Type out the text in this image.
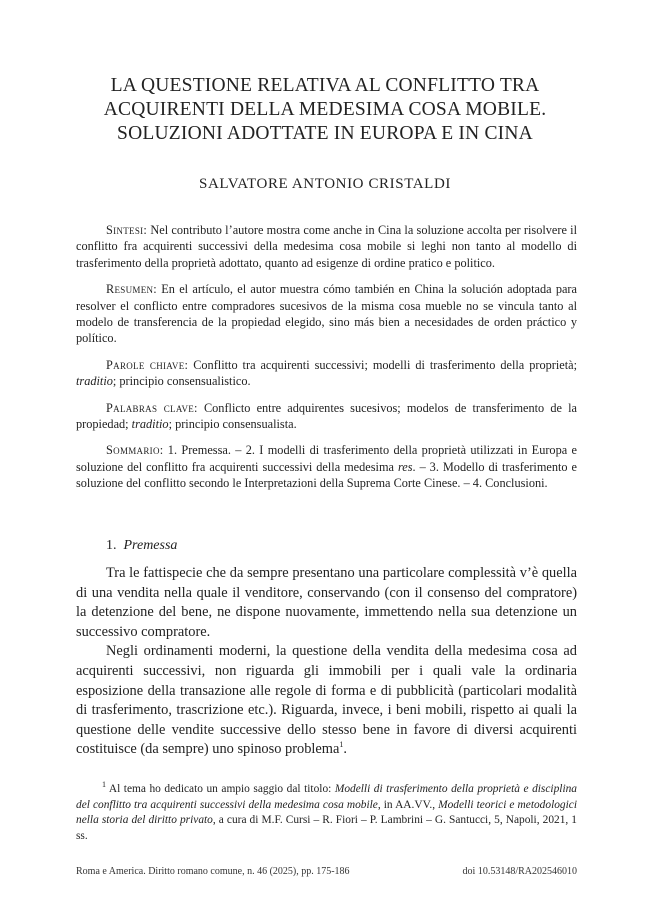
LA QUESTIONE RELATIVA AL CONFLITTO TRA
ACQUIRENTI DELLA MEDESIMA COSA MOBILE.
SOLUZIONI ADOTTATE IN EUROPA E IN CINA
SALVATORE ANTONIO CRISTALDI

Sintesi: Nel contributo l’autore mostra come anche in Cina la soluzione accolta per risolvere il conflitto fra acquirenti successivi della medesima cosa mobile si leghi non tanto al modello di trasferimento della proprietà adottato, quanto ad esigenze di ordine pratico e politico.

Resumen: En el artículo, el autor muestra cómo también en China la solución adoptada para resolver el conflicto entre compradores sucesivos de la misma cosa mueble no se vincula tanto al modelo de transferencia de la propiedad elegido, sino más bien a necesidades de orden práctico y político.

Parole chiave: Conflitto tra acquirenti successivi; modelli di trasferimento della proprietà; traditio; principio consensualistico.

Palabras clave: Conflicto entre adquirentes sucesivos; modelos de transferimento de la propiedad; traditio; principio consensualista.

Sommario: 1. Premessa. – 2. I modelli di trasferimento della proprietà utilizzati in Europa e soluzione del conflitto fra acquirenti successivi della medesima res. – 3. Modello di trasferimento e soluzione del conflitto secondo le Interpretazioni della Suprema Corte Cinese. – 4. Conclusioni.

1. Premessa

Tra le fattispecie che da sempre presentano una particolare complessità v’è quella di una vendita nella quale il venditore, conservando (con il consenso del compratore) la detenzione del bene, ne dispone nuovamente, immettendo nella sua detenzione un successivo compratore.

Negli ordinamenti moderni, la questione della vendita della medesima cosa ad acquirenti successivi, non riguarda gli immobili per i quali vale la ordinaria esposizione della transazione alle regole di forma e di pubblicità (particolari modalità di trasferimento, trascrizione etc.). Riguarda, invece, i beni mobili, rispetto ai quali la questione delle vendite successive dello stesso bene in favore di diversi acquirenti costituisce (da sempre) uno spinoso problema$^1$.

$^1$ Al tema ho dedicato un ampio saggio dal titolo: Modelli di trasferimento della proprietà e disciplina del conflitto tra acquirenti successivi della medesima cosa mobile, in AA.VV., Modelli teorici e metodologici nella storia del diritto privato, a cura di M.F. Cursi – R. Fiori – P. Lambrini – G. Santucci, 5, Napoli, 2021, 1 ss.
Roma e America. Diritto romano comune, n. 46 (2025), pp. 175-186	doi 10.53148/RA202546010
